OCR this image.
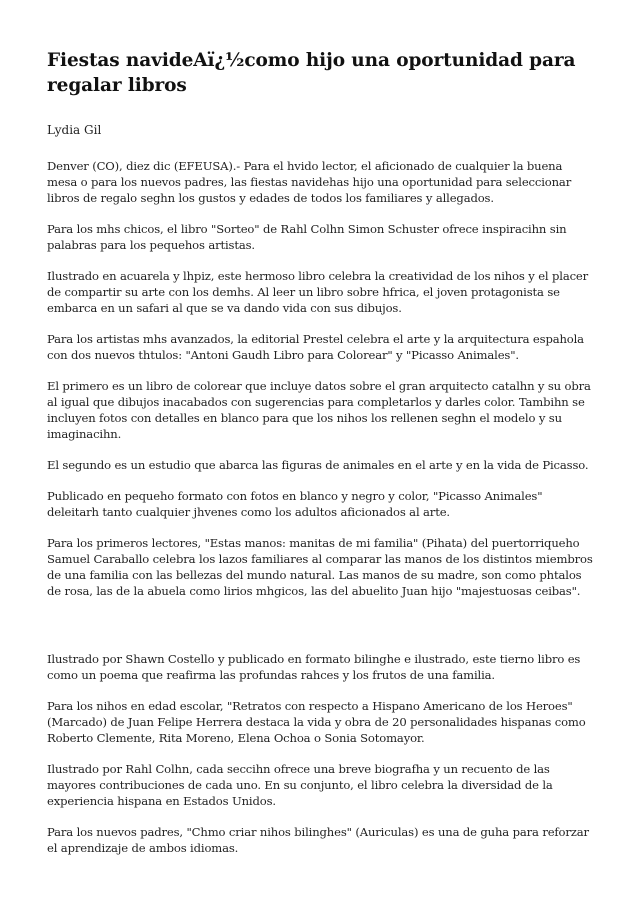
Fiestas navideAï¿½como hijo una oportunidad para regalar libros
Lydia Gil

Denver (CO), diez dic (EFEUSA).- Para el hvido lector, el aficionado de cualquier la buena mesa o para los nuevos padres, las fiestas navidehas hijo una oportunidad para seleccionar libros de regalo seghn los gustos y edades de todos los familiares y allegados.

Para los mhs chicos, el libro "Sorteo" de Rahl Colhn Simon Schuster ofrece inspiracihn sin palabras para los pequehos artistas.

Ilustrado en acuarela y lhpiz, este hermoso libro celebra la creatividad de los nihos y el placer de compartir su arte con los demhs. Al leer un libro sobre hfrica, el joven protagonista se embarca en un safari al que se va dando vida con sus dibujos.

Para los artistas mhs avanzados, la editorial Prestel celebra el arte y la arquitectura espahola con dos nuevos thtulos: "Antoni Gaudh Libro para Colorear" y "Picasso Animales".

El primero es un libro de colorear que incluye datos sobre el gran arquitecto catalhn y su obra al igual que dibujos inacabados con sugerencias para completarlos y darles color. Tambihn se incluyen fotos con detalles en blanco para que los nihos los rellenen seghn el modelo y su imaginacihn.

El segundo es un estudio que abarca las figuras de animales en el arte y en la vida de Picasso.

Publicado en pequeho formato con fotos en blanco y negro y color, "Picasso Animales" deleitarh tanto cualquier jhvenes como los adultos aficionados al arte.

Para los primeros lectores, "Estas manos: manitas de mi familia" (Pihata) del puertorriqueho Samuel Caraballo celebra los lazos familiares al comparar las manos de los distintos miembros de una familia con las bellezas del mundo natural. Las manos de su madre, son como phtalos de rosa, las de la abuela como lirios mhgicos, las del abuelito Juan hijo "majestuosas ceibas".

Ilustrado por Shawn Costello y publicado en formato bilinghe e ilustrado, este tierno libro es como un poema que reafirma las profundas rahces y los frutos de una familia.

Para los nihos en edad escolar, "Retratos con respecto a Hispano Americano de los Heroes" (Marcado) de Juan Felipe Herrera destaca la vida y obra de 20 personalidades hispanas como Roberto Clemente, Rita Moreno, Elena Ochoa o Sonia Sotomayor.

Ilustrado por Rahl Colhn, cada seccihn ofrece una breve biografha y un recuento de las mayores contribuciones de cada uno. En su conjunto, el libro celebra la diversidad de la experiencia hispana en Estados Unidos.

Para los nuevos padres, "Chmo criar nihos bilinghes" (Auriculas) es una de guha para reforzar el aprendizaje de ambos idiomas.
